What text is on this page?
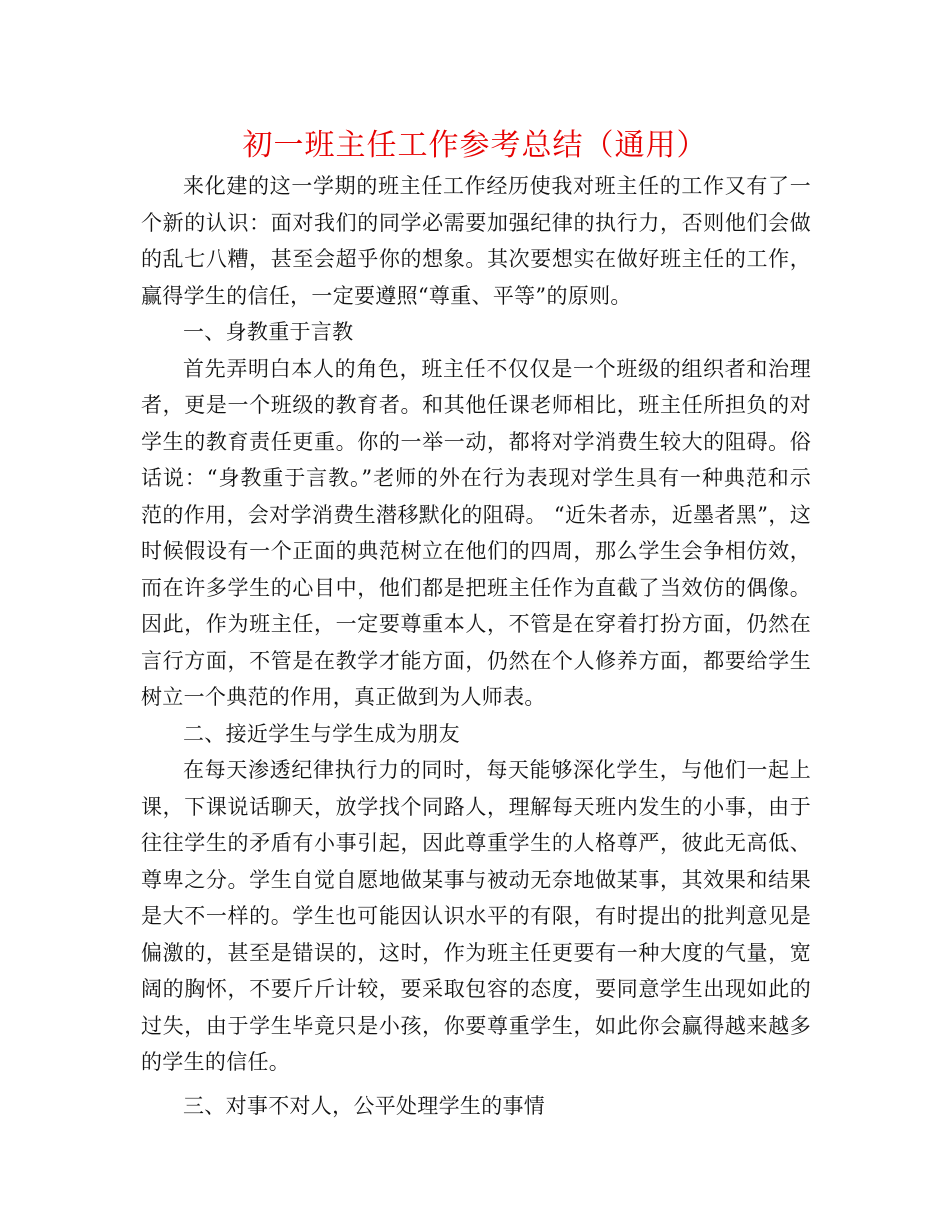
初一班主任工作参考总结（通用）

来化建的这一学期的班主任工作经历使我对班主任的工作又有了一个新的认识：面对我们的同学必需要加强纪律的执行力，否则他们会做的乱七八糟，甚至会超乎你的想象。其次要想实在做好班主任的工作，赢得学生的信任，一定要遵照“尊重、平等”的原则。

一、身教重于言教

首先弄明白本人的角色，班主任不仅仅是一个班级的组织者和治理者，更是一个班级的教育者。和其他任课老师相比，班主任所担负的对学生的教育责任更重。你的一举一动，都将对学消费生较大的阻碍。俗话说：“身教重于言教。”老师的外在行为表现对学生具有一种典范和示范的作用，会对学消费生潜移默化的阻碍。 “近朱者赤，近墨者黑”，这时候假设有一个正面的典范树立在他们的四周，那么学生会争相仿效，而在许多学生的心目中，他们都是把班主任作为直截了当效仿的偶像。因此，作为班主任，一定要尊重本人，不管是在穿着打扮方面，仍然在言行方面，不管是在教学才能方面，仍然在个人修养方面，都要给学生树立一个典范的作用，真正做到为人师表。

二、接近学生与学生成为朋友

在每天渗透纪律执行力的同时，每天能够深化学生，与他们一起上课，下课说话聊天，放学找个同路人，理解每天班内发生的小事，由于往往学生的矛盾有小事引起，因此尊重学生的人格尊严，彼此无高低、尊卑之分。学生自觉自愿地做某事与被动无奈地做某事，其效果和结果是大不一样的。学生也可能因认识水平的有限，有时提出的批判意见是偏激的，甚至是错误的，这时，作为班主任更要有一种大度的气量，宽阔的胸怀，不要斤斤计较，要采取包容的态度，要同意学生出现如此的过失，由于学生毕竟只是小孩，你要尊重学生，如此你会赢得越来越多的学生的信任。

三、对事不对人，公平处理学生的事情
